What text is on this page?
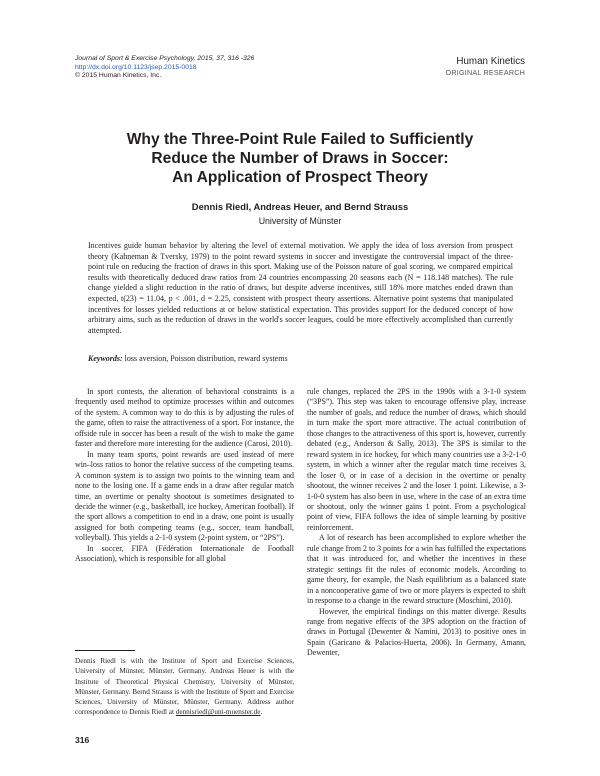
Journal of Sport & Exercise Psychology, 2015, 37, 316 -326
http://dx.doi.org/10.1123/jsep.2015-0018
© 2015 Human Kinetics, Inc.
Human Kinetics
ORIGINAL RESEARCH
Why the Three-Point Rule Failed to Sufficiently
Reduce the Number of Draws in Soccer:
An Application of Prospect Theory
Dennis Riedl, Andreas Heuer, and Bernd Strauss
University of Münster
Incentives guide human behavior by altering the level of external motivation. We apply the idea of loss aversion from prospect theory (Kahneman & Tversky, 1979) to the point reward systems in soccer and investigate the controversial impact of the three-point rule on reducing the fraction of draws in this sport. Making use of the Poisson nature of goal scoring, we compared empirical results with theoretically deduced draw ratios from 24 countries encompassing 20 seasons each (N = 118.148 matches). The rule change yielded a slight reduction in the ratio of draws, but despite adverse incentives, still 18% more matches ended drawn than expected, t(23) = 11.04, p < .001, d = 2.25, consistent with prospect theory assertions. Alternative point systems that manipulated incentives for losses yielded reductions at or below statistical expectation. This provides support for the deduced concept of how arbitrary aims, such as the reduction of draws in the world's soccer leagues, could be more effectively accomplished than currently attempted.
Keywords: loss aversion, Poisson distribution, reward systems

In sport contests, the alteration of behavioral constraints is a frequently used method to optimize processes within and outcomes of the system. A common way to do this is by adjusting the rules of the game, often to raise the attractiveness of a sport. For instance, the offside rule in soccer has been a result of the wish to make the game faster and therefore more interesting for the audience (Carosi, 2010).

In many team sports, point rewards are used instead of mere win–loss ratios to honor the relative success of the competing teams. A common system is to assign two points to the winning team and none to the losing one. If a game ends in a draw after regular match time, an overtime or penalty shootout is sometimes designated to decide the winner (e.g., basketball, ice hockey, American football). If the sport allows a competition to end in a draw, one point is usually assigned for both competing teams (e.g., soccer, team handball, volleyball). This yields a 2-1-0 system (2-point system, or “2PS”).

In soccer, FIFA (Fédération Internationale de Football Association), which is responsible for all global

rule changes, replaced the 2PS in the 1990s with a 3-1-0 system (“3PS”). This step was taken to encourage offensive play, increase the number of goals, and reduce the number of draws, which should in turn make the sport more attractive. The actual contribution of those changes to the attractiveness of this sport is, however, currently debated (e.g., Anderson & Sally, 2013). The 3PS is similar to the reward system in ice hockey, for which many countries use a 3-2-1-0 system, in which a winner after the regular match time receives 3, the loser 0, or in case of a decision in the overtime or penalty shootout, the winner receives 2 and the loser 1 point. Likewise, a 3-1-0-0 system has also been in use, where in the case of an extra time or shootout, only the winner gains 1 point. From a psychological point of view, FIFA follows the idea of simple learning by positive reinforcement.

A lot of research has been accomplished to explore whether the rule change from 2 to 3 points for a win has fulfilled the expectations that it was introduced for, and whether the incentives in these strategic settings fit the rules of economic models. According to game theory, for example, the Nash equilibrium as a balanced state in a noncooperative game of two or more players is expected to shift in response to a change in the reward structure (Moschini, 2010).

However, the empirical findings on this matter diverge. Results range from negative effects of the 3PS adoption on the fraction of draws in Portugal (Dewenter & Namini, 2013) to positive ones in Spain (Garicano & Palacios-Huerta, 2006). In Germany, Amann, Dewenter,

Dennis Riedl is with the Institute of Sport and Exercise Sciences, University of Münster, Münster, Germany. Andreas Heuer is with the Institute of Theoretical Physical Chemistry, University of Münster, Münster, Germany. Bernd Strauss is with the Institute of Sport and Exercise Sciences, University of Münster, Münster, Germany. Address author correspondence to Dennis Riedl at dennisriedl@uni-muenster.de.
316
